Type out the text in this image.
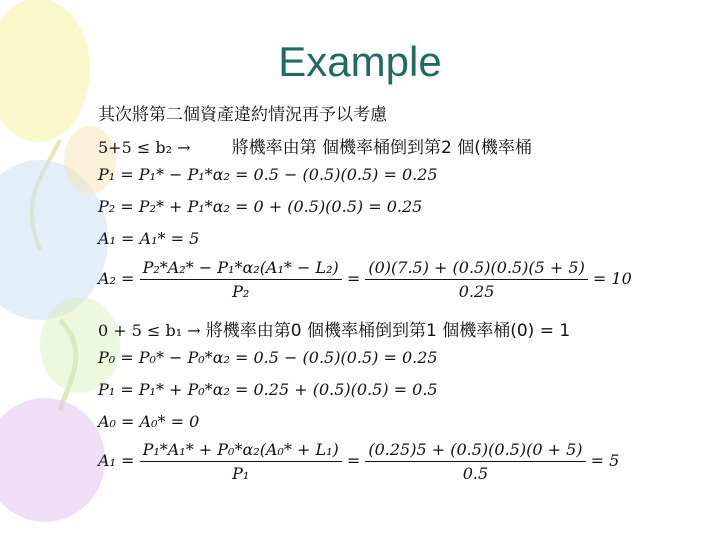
Example
其次將第二個資產違約情況再予以考慮
5+5 ≤ b₂ → 將機率由第 個機率桶倒到第2 個(機率桶
P₁ = P₁* − P₁*α₂ = 0.5 − (0.5)(0.5) = 0.25
P₂ = P₂* + P₁*α₂ = 0 + (0.5)(0.5) = 0.25
A₁ = A₁* = 5
$A_2 = \frac{\text{P₂*A₂* − P₁*α₂(A₁* − L₂)}}{\text{P₂}} = \frac{(0)(7.5) + (0.5)(0.5)(5 + 5)}{0.25} = 10$
0 + 5 ≤ b₁ → 將機率由第0 個機率桶倒到第1 個機率桶(0) = 1
P₀ = P₀* − P₀*α₂ = 0.5 − (0.5)(0.5) = 0.25
P₁ = P₁* + P₀*α₂ = 0.25 + (0.5)(0.5) = 0.5
A₀ = A₀* = 0
$A_1 = \frac{\text{P₁*A₁* + P₀*α₂(A₀* + L₁)}}{\text{P₁}} = \frac{(0.25)5 + (0.5)(0.5)(0 + 5)}{0.5} = 5$
